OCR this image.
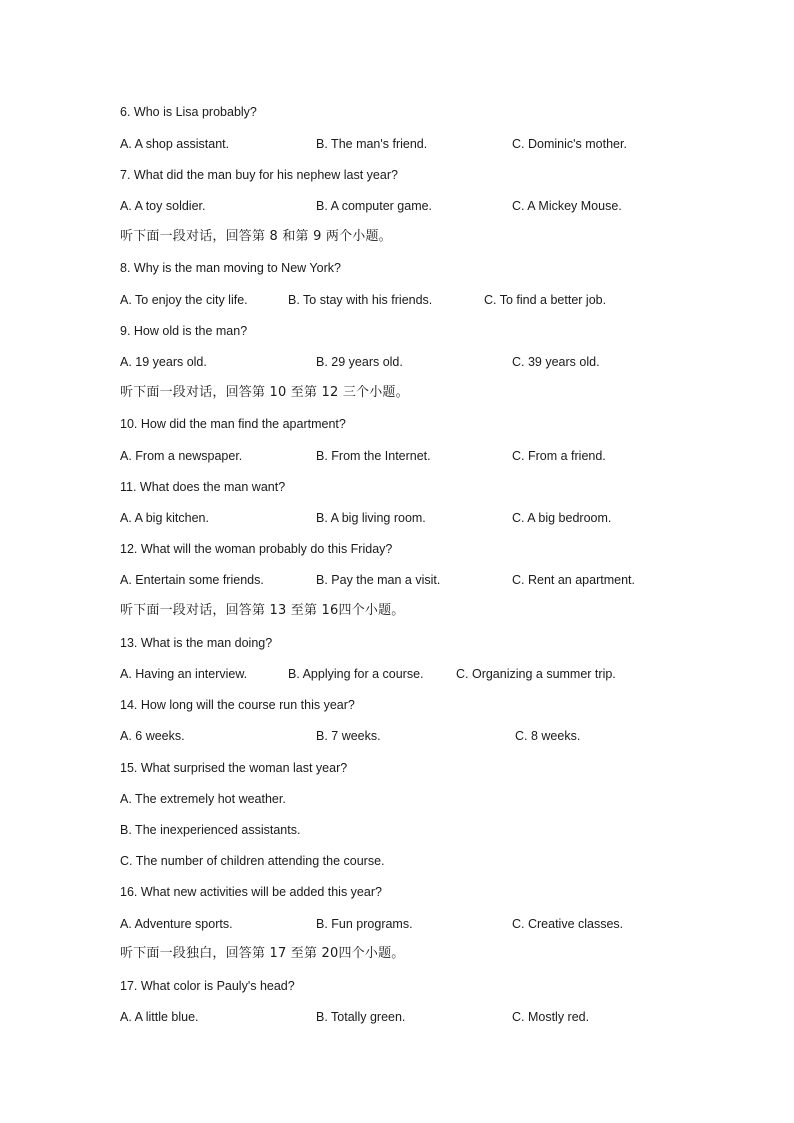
6. Who is Lisa probably?
A. A shop assistant.	B. The man's friend.	C. Dominic's mother.
7. What did the man buy for his nephew last year?
A. A toy soldier.	B. A computer game.	C. A Mickey Mouse.
听下面一段对话，回答第 8 和第 9 两个小题。
8. Why is the man moving to New York?
A. To enjoy the city life.	B. To stay with his friends.	C. To find a better job.
9. How old is the man?
A. 19 years old.	B. 29 years old.	C. 39 years old.
听下面一段对话，回答第 10 至第 12 三个小题。
10. How did the man find the apartment?
A. From a newspaper.	B. From the Internet.	C. From a friend.
11. What does the man want?
A. A big kitchen.	B. A big living room.	C. A big bedroom.
12. What will the woman probably do this Friday?
A. Entertain some friends.	B. Pay the man a visit.	C. Rent an apartment.
听下面一段对话，回答第 13 至第 16四个小题。
13. What is the man doing?
A. Having an interview.	B. Applying for a course.	C. Organizing a summer trip.
14. How long will the course run this year?
A. 6 weeks.	B. 7 weeks.	C. 8 weeks.
15. What surprised the woman last year?
A. The extremely hot weather.
B. The inexperienced assistants.
C. The number of children attending the course.
16. What new activities will be added this year?
A. Adventure sports.	B. Fun programs.	C. Creative classes.
听下面一段独白，回答第 17 至第 20四个小题。
17. What color is Pauly's head?
A. A little blue.	B. Totally green.	C. Mostly red.
